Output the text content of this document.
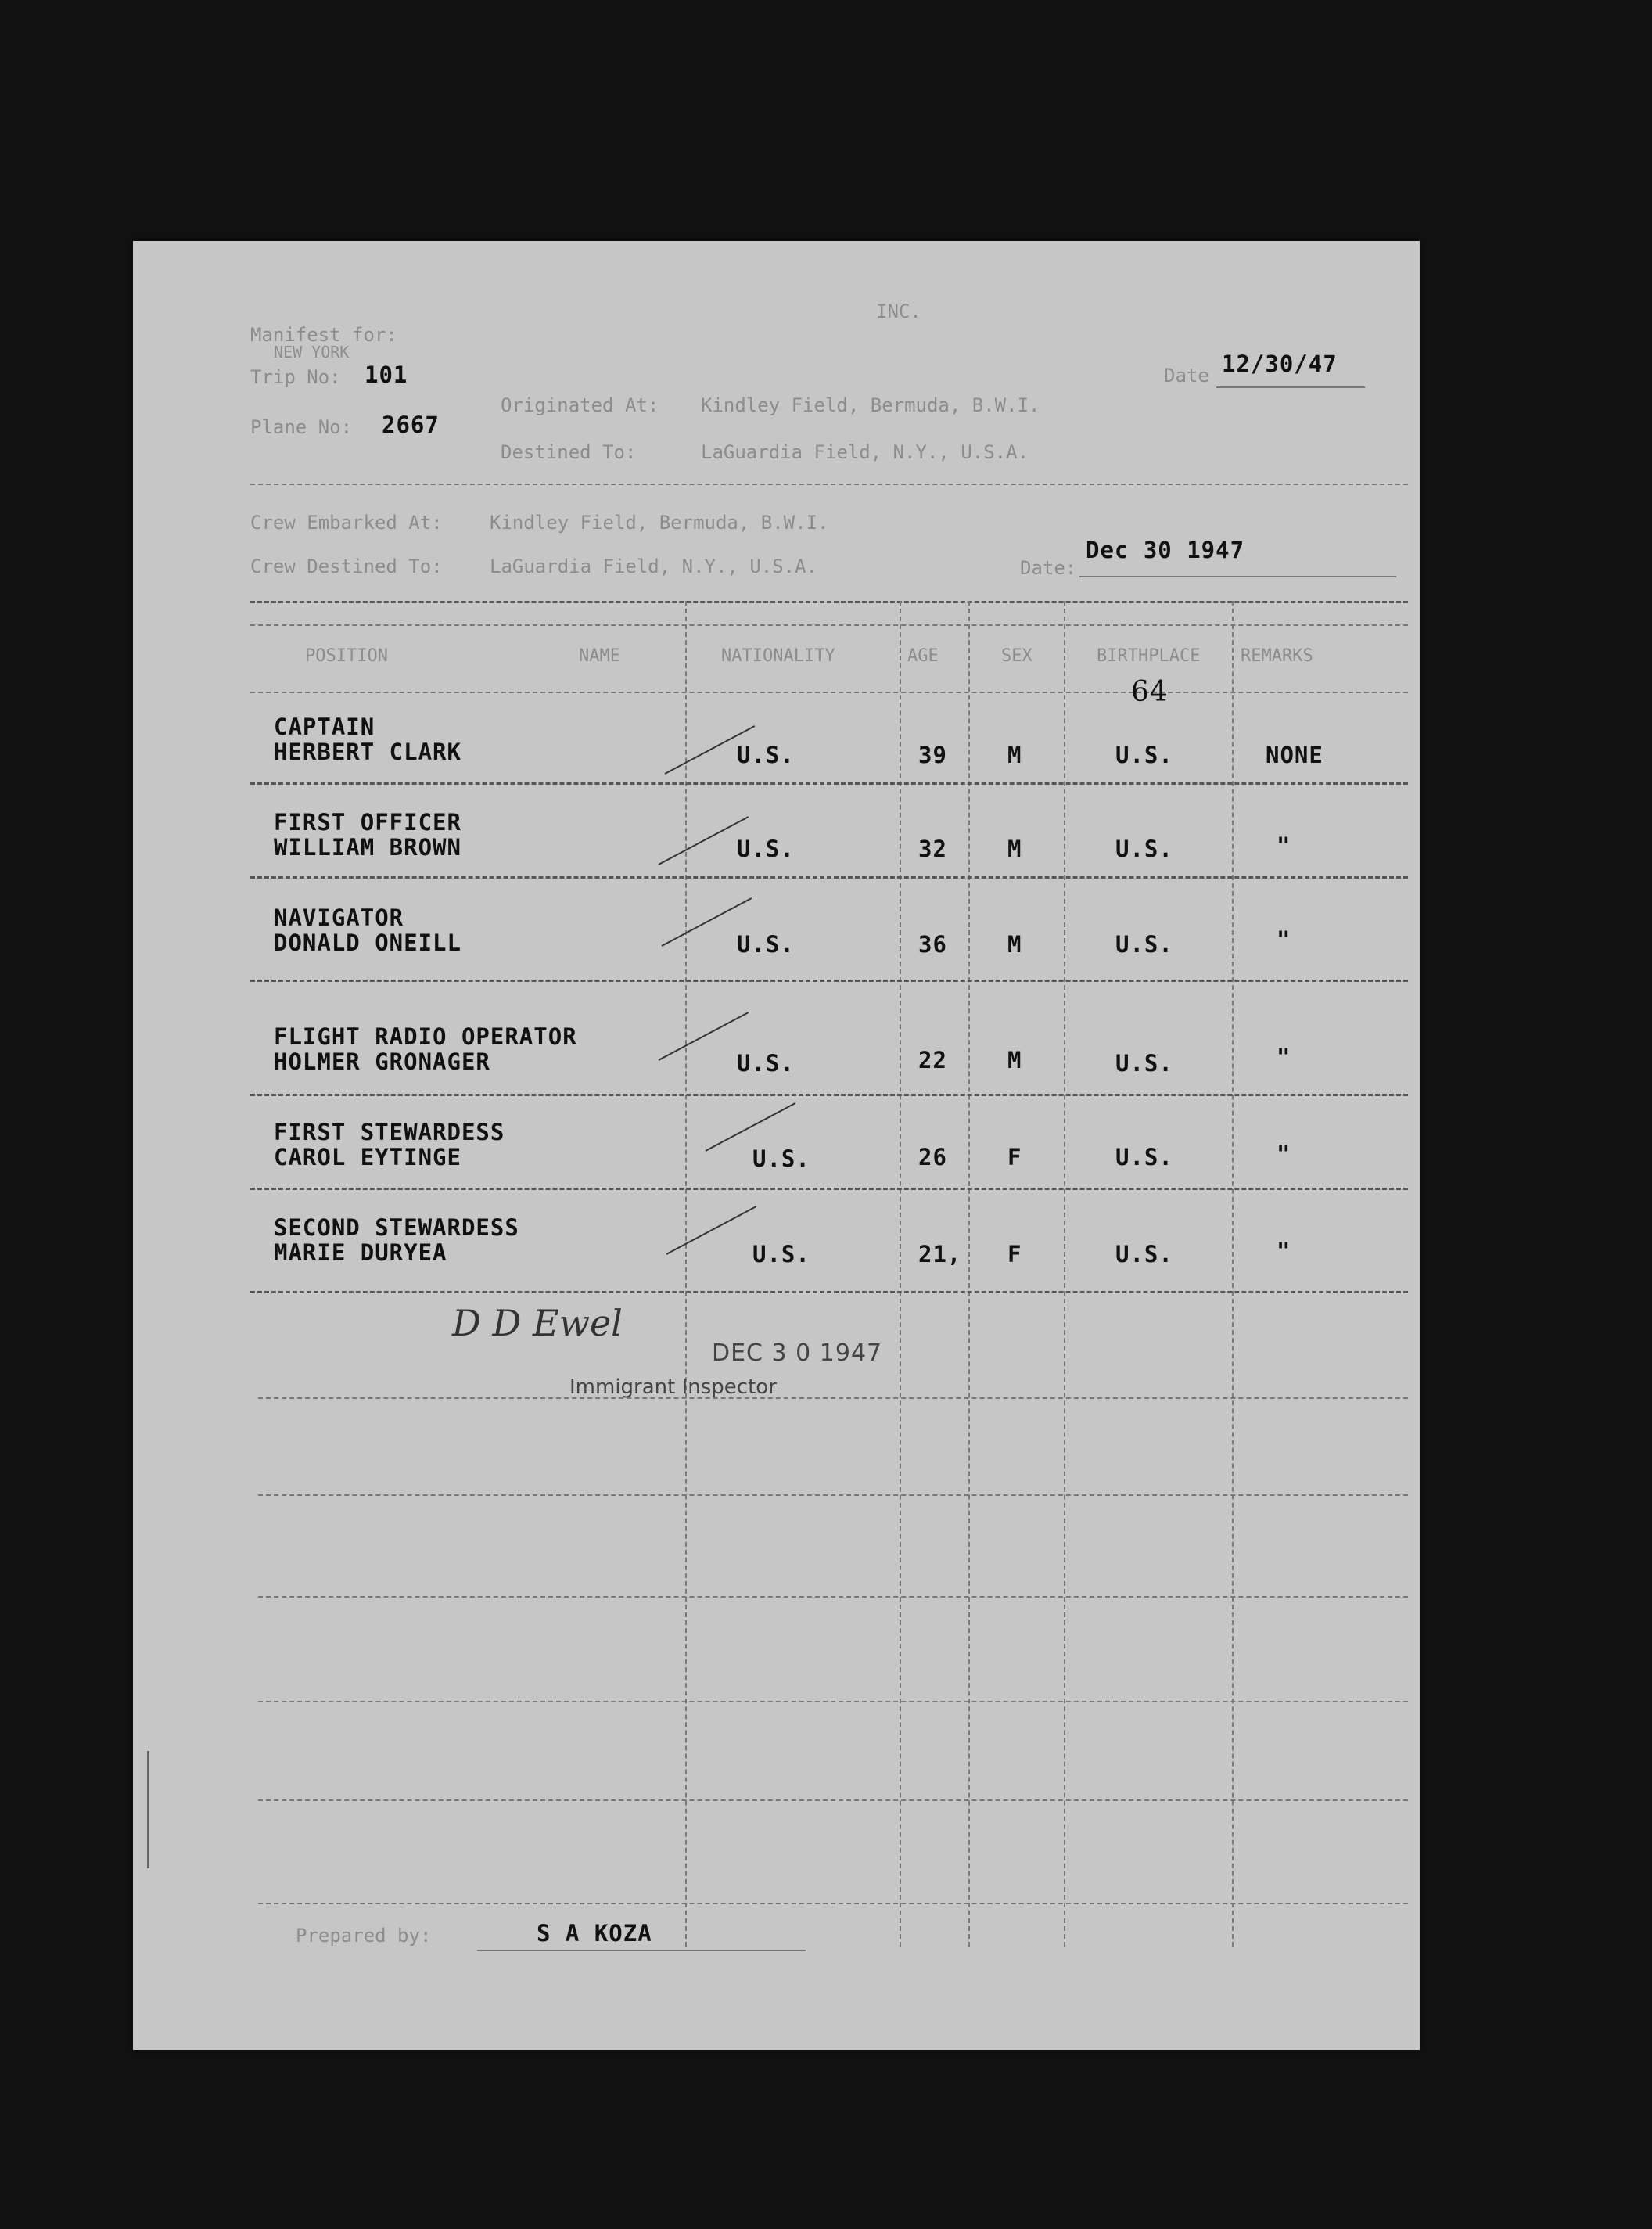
INC.
Manifest for:
NEW YORK
Trip No: 101
Plane No: 2667
Date 12/30/47
Originated At: Kindley Field, Bermuda, B.W.I.
Destined To:	LaGuardia Field, N.Y., U.S.A.
Crew Embarked At:	Kindley Field, Bermuda, B.W.I.
Crew Destined To:	LaGuardia Field, N.Y., U.S.A.	Date:
Dec 30 1947
POSITION	NAME	NATIONALITY	AGE	SEX	BIRTHPLACE REMARKS
64
CAPTAIN
HERBERT CLARK	U.S.	39	M	U.S.	NONE
FIRST OFFICER
WILLIAM BROWN	U.S.	32	M	U.S.	"
NAVIGATOR
DONALD ONEILL	U.S.	36	M	U.S.	"
FLIGHT RADIO OPERATOR
HOLMER GRONAGER	U.S.	22	M	U.S.	"
FIRST STEWARDESS
CAROL EYTINGE	U.S.	26	F	U.S.	"
SECOND STEWARDESS
MARIE DURYEA	U.S.	21, F	U.S.	"
D D Ewel
DEC 3 0 1947
Immigrant Inspector
Prepared by:	S A KOZA
